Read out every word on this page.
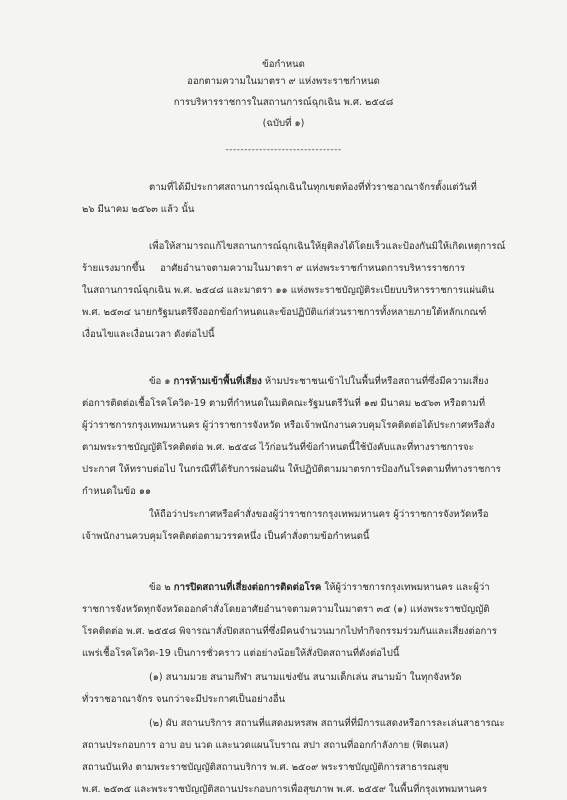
ข้อกำหนด

ออกตามความในมาตรา ๙ แห่งพระราชกำหนด

การบริหารราชการในสถานการณ์ฉุกเฉิน พ.ศ. ๒๕๔๘

(ฉบับที่ ๑)

-------------------------------

ตามที่ได้มีประกาศสถานการณ์ฉุกเฉินในทุกเขตท้องที่ทั่วราชอาณาจักรตั้งแต่วันที่

๒๖ มีนาคม ๒๕๖๓ แล้ว นั้น

เพื่อให้สามารถแก้ไขสถานการณ์ฉุกเฉินให้ยุติลงได้โดยเร็วและป้องกันมิให้เกิดเหตุการณ์

ร้ายแรงมากขึ้น     อาศัยอำนาจตามความในมาตรา ๙ แห่งพระราชกำหนดการบริหารราชการ

ในสถานการณ์ฉุกเฉิน พ.ศ. ๒๕๔๘ และมาตรา ๑๑ แห่งพระราชบัญญัติระเบียบบริหารราชการแผ่นดิน

พ.ศ. ๒๕๓๔ นายกรัฐมนตรีจึงออกข้อกำหนดและข้อปฏิบัติแก่ส่วนราชการทั้งหลายภายใต้หลักเกณฑ์

เงื่อนไขและเงื่อนเวลา ดังต่อไปนี้

ข้อ ๑ การห้ามเข้าพื้นที่เสี่ยง ห้ามประชาชนเข้าไปในพื้นที่หรือสถานที่ซึ่งมีความเสี่ยง

ต่อการติดต่อเชื้อโรคโควิด-19 ตามที่กำหนดในมติคณะรัฐมนตรีวันที่ ๑๗ มีนาคม ๒๕๖๓ หรือตามที่

ผู้ว่าราชการกรุงเทพมหานคร ผู้ว่าราชการจังหวัด หรือเจ้าพนักงานควบคุมโรคติดต่อได้ประกาศหรือสั่ง

ตามพระราชบัญญัติโรคติดต่อ พ.ศ. ๒๕๕๘ ไว้ก่อนวันที่ข้อกำหนดนี้ใช้บังคับและที่ทางราชการจะ

ประกาศ ให้ทราบต่อไป ในกรณีที่ได้รับการผ่อนผัน ให้ปฏิบัติตามมาตรการป้องกันโรคตามที่ทางราชการ

กำหนดในข้อ ๑๑

ให้ถือว่าประกาศหรือคำสั่งของผู้ว่าราชการกรุงเทพมหานคร ผู้ว่าราชการจังหวัดหรือ

เจ้าพนักงานควบคุมโรคติดต่อตามวรรคหนึ่ง เป็นคำสั่งตามข้อกำหนดนี้

ข้อ ๒ การปิดสถานที่เสี่ยงต่อการติดต่อโรค ให้ผู้ว่าราชการกรุงเทพมหานคร และผู้ว่า

ราชการจังหวัดทุกจังหวัดออกคำสั่งโดยอาศัยอำนาจตามความในมาตรา ๓๕ (๑) แห่งพระราชบัญญัติ

โรคติดต่อ พ.ศ. ๒๕๕๘ พิจารณาสั่งปิดสถานที่ซึ่งมีคนจำนวนมากไปทำกิจกรรมร่วมกันและเสี่ยงต่อการ

แพร่เชื้อโรคโควิด-19 เป็นการชั่วคราว แต่อย่างน้อยให้สั่งปิดสถานที่ดังต่อไปนี้

(๑) สนามมวย สนามกีฬา สนามแข่งขัน สนามเด็กเล่น สนามม้า ในทุกจังหวัด

ทั่วราชอาณาจักร จนกว่าจะมีประกาศเป็นอย่างอื่น

(๒) ผับ สถานบริการ สถานที่แสดงมหรสพ สถานที่ที่มีการแสดงหรือการละเล่นสาธารณะ

สถานประกอบการ อาบ อบ นวด และนวดแผนโบราณ สปา สถานที่ออกกำลังกาย (ฟิตเนส)

สถานบันเทิง ตามพระราชบัญญัติสถานบริการ พ.ศ. ๒๕๐๙ พระราชบัญญัติการสาธารณสุข

พ.ศ. ๒๕๓๕ และพระราชบัญญัติสถานประกอบการเพื่อสุขภาพ พ.ศ. ๒๕๕๙ ในพื้นที่กรุงเทพมหานคร
